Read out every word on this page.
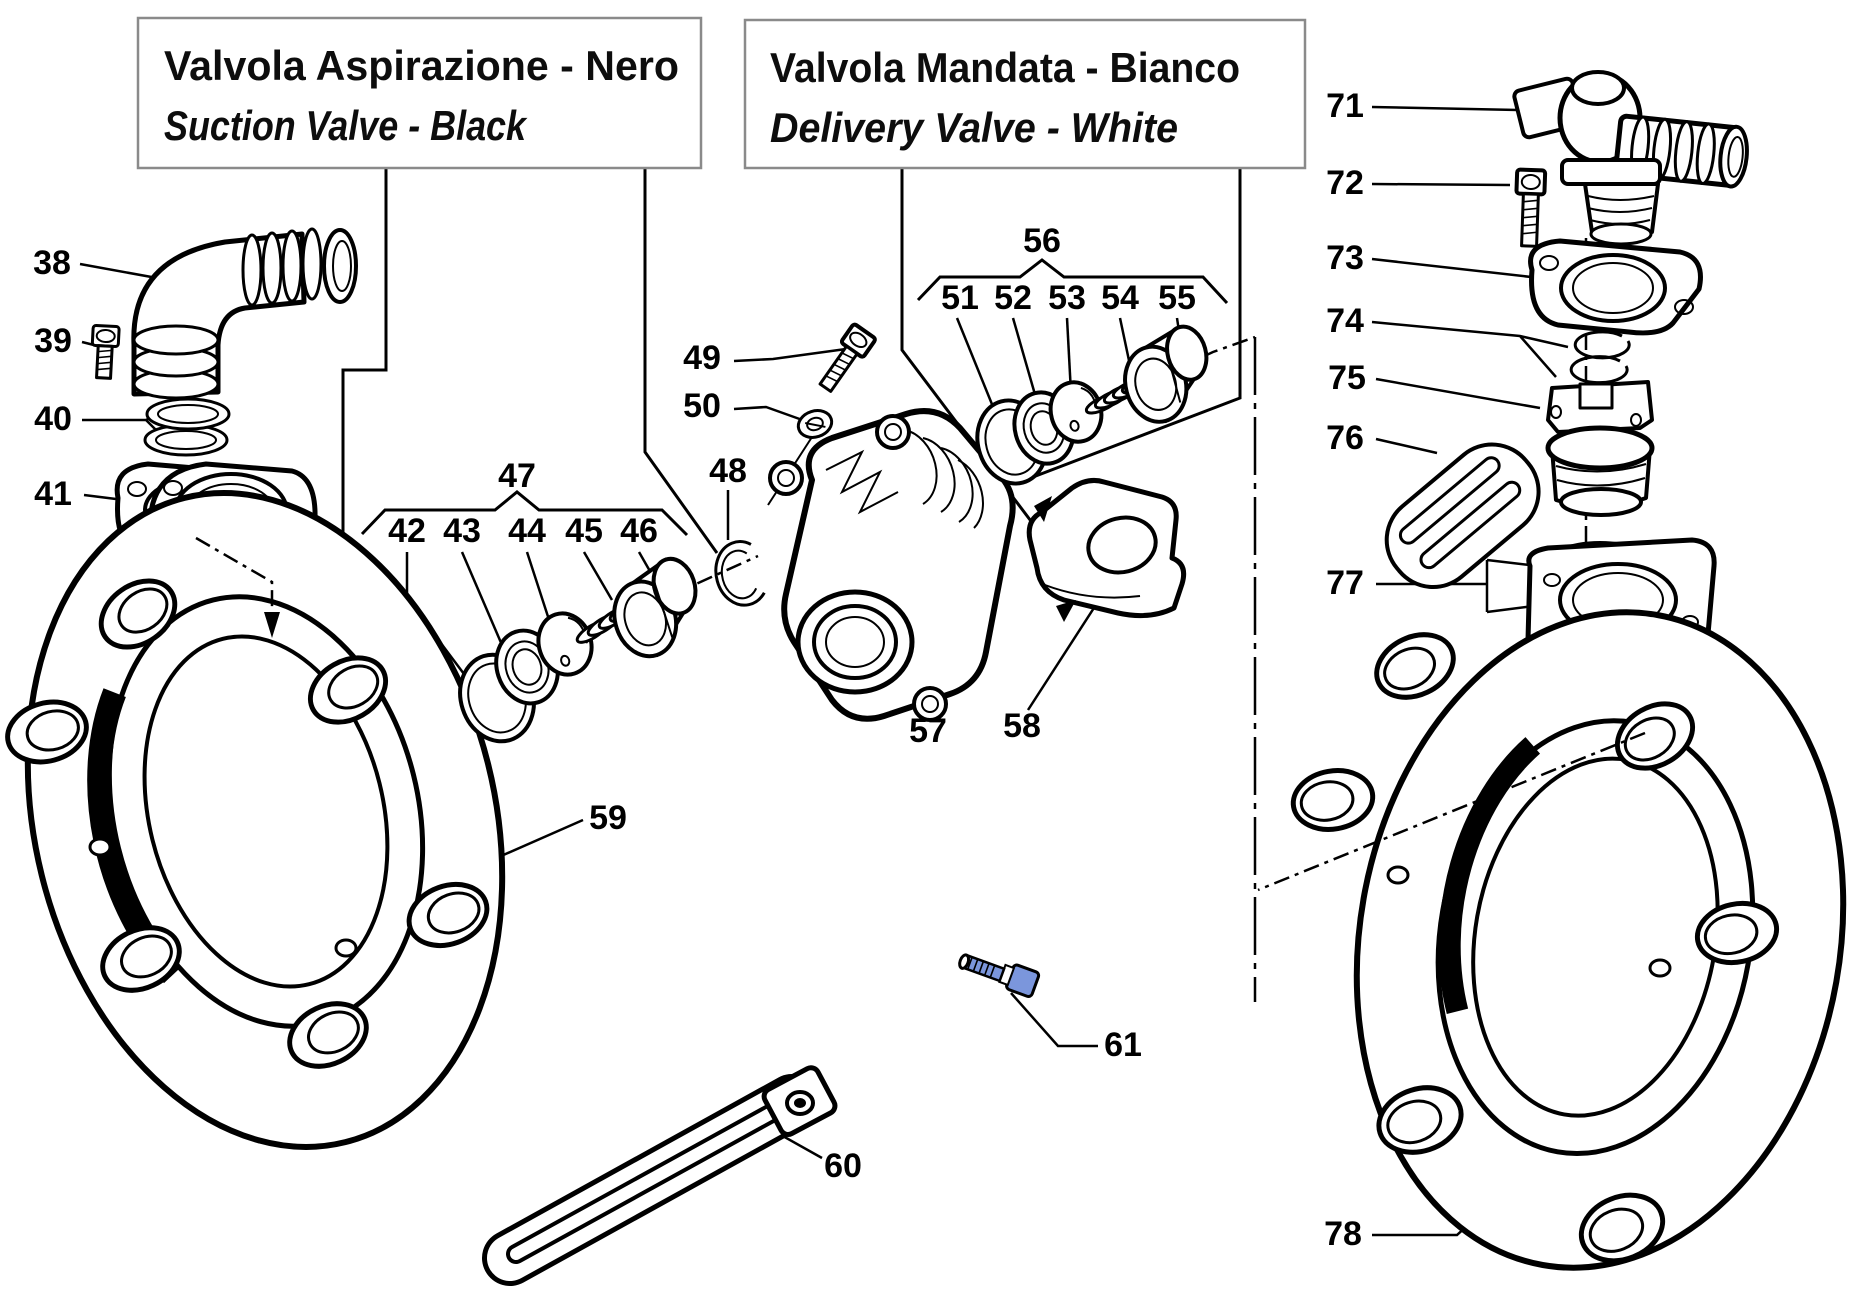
38
39
40
41	47
42 43 44 45 46
48
49
50
56
51 52 53 54 55
57 58
59
60
61
71
72
73
74
75
76
77
78
Valvola Aspirazione - Nero
Suction Valve - Black
Valvola Mandata - Bianco
Delivery Valve - White
